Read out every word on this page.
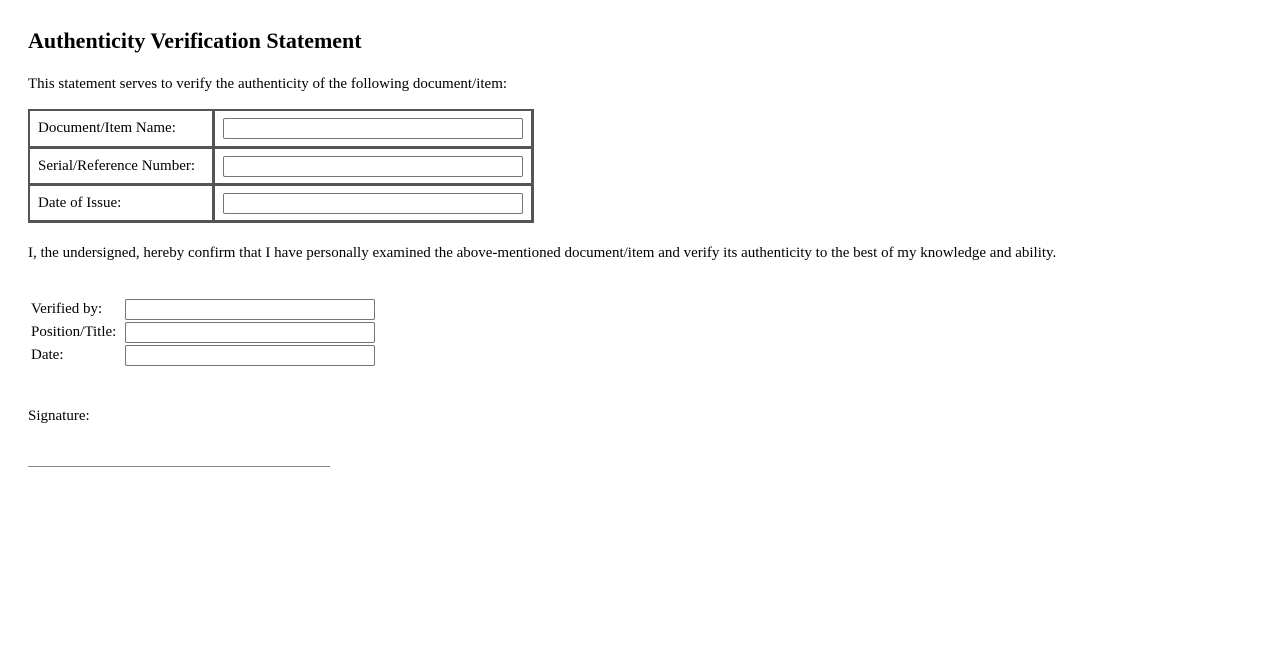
Authenticity Verification Statement

This statement serves to verify the authenticity of the following document/item:

Document/Item Name:	

Serial/Reference Number:	

Date of Issue:	

I, the undersigned, hereby confirm that I have personally examined the above-mentioned document/item and verify its authenticity to the best of my knowledge and ability.

Verified by:	

Position/Title:	

Date:	

Signature:
